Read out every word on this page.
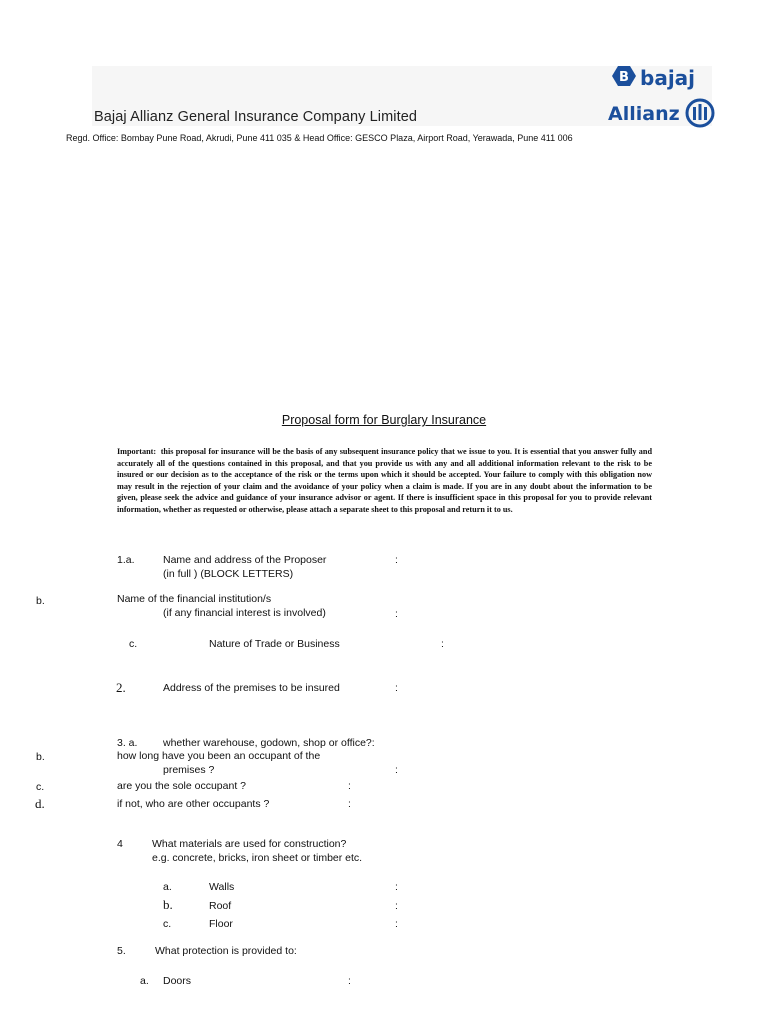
Bajaj Allianz General Insurance Company Limited
Regd. Office: Bombay Pune Road, Akrudi, Pune 411 035 & Head Office: GESCO Plaza, Airport Road, Yerawada, Pune 411 006
B bajaj
Allianz
Proposal form for Burglary Insurance
Important: this proposal for insurance will be the basis of any subsequent insurance policy that we issue to you. It is essential that you answer fully and accurately all of the questions contained in this proposal, and that you provide us with any and all additional information relevant to the risk to be insured or our decision as to the acceptance of the risk or the terms upon which it should be accepted. Your failure to comply with this obligation now may result in the rejection of your claim and the avoidance of your policy when a claim is made. If you are in any doubt about the information to be given, please seek the advice and guidance of your insurance advisor or agent. If there is insufficient space in this proposal for you to provide relevant information, whether as requested or otherwise, please attach a separate sheet to this proposal and return it to us.
1.a.	Name and address of the Proposer
(in full ) (BLOCK LETTERS)
:
b.	Name of the financial institution/s
(if any financial interest is involved)	:
c.	Nature of Trade or Business	:
2.	Address of the premises to be insured	:
3. a. whether warehouse, godown, shop or office?:
b.	how long have you been an occupant of the
premises ?	:
c.	are you the sole occupant ?	:
d.	if not, who are other occupants ?	:
4	What materials are used for construction?
e.g. concrete, bricks, iron sheet or timber etc.
a.	Walls	:
b.	Roof	:
c.	Floor	:
5.	What protection is provided to:
a. Doors	:
